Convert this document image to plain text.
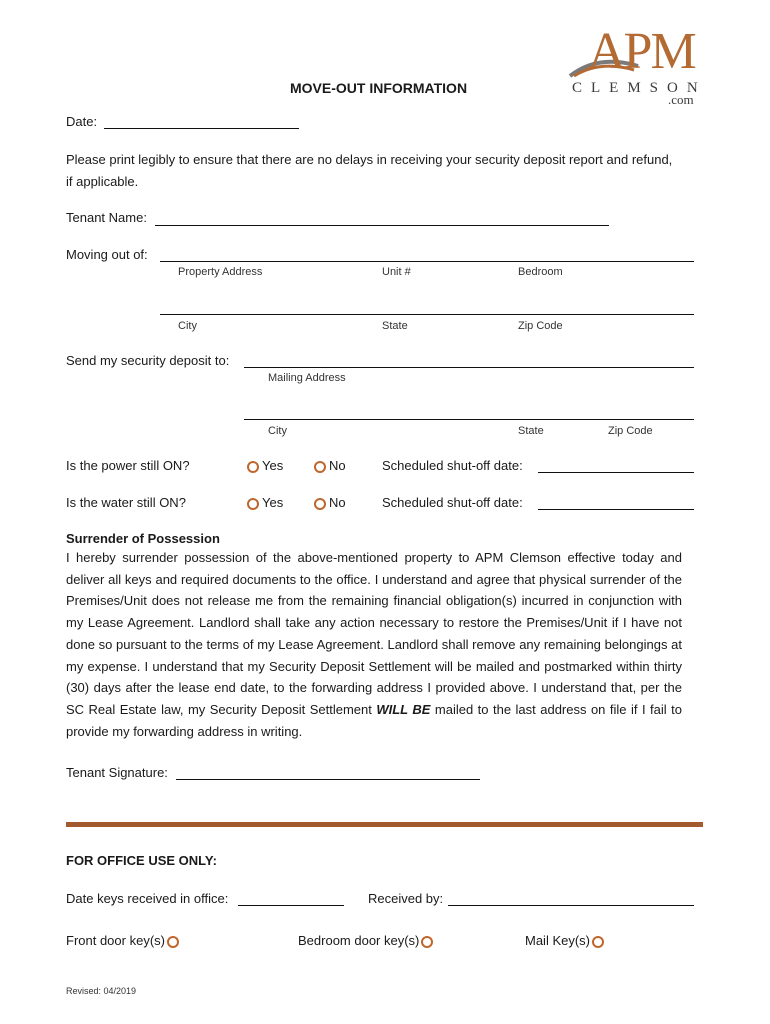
APM
CLEMSON
.com
MOVE-OUT INFORMATION
Date:
Please print legibly to ensure that there are no delays in receiving your security deposit report and refund, if applicable.
Tenant Name:
Moving out of:
Property Address	Unit #	Bedroom
City	State	Zip Code
Send my security deposit to:
Mailing Address
City	State	Zip Code
Is the power still ON?	Yes	No	Scheduled shut-off date:
Is the water still ON?	Yes	No	Scheduled shut-off date:
Surrender of Possession
I hereby surrender possession of the above-mentioned property to APM Clemson effective today and deliver all keys and required documents to the office. I understand and agree that physical surrender of the Premises/Unit does not release me from the remaining financial obligation(s) incurred in conjunction with my Lease Agreement. Landlord shall take any action necessary to restore the Premises/Unit if I have not done so pursuant to the terms of my Lease Agreement. Landlord shall remove any remaining belongings at my expense. I understand that my Security Deposit Settlement will be mailed and postmarked within thirty (30) days after the lease end date, to the forwarding address I provided above. I understand that, per the SC Real Estate law, my Security Deposit Settlement WILL BE mailed to the last address on file if I fail to provide my forwarding address in writing.
Tenant Signature:
FOR OFFICE USE ONLY:
Date keys received in office:	Received by:
Front door key(s)	Bedroom door key(s)	Mail Key(s)
Revised: 04/2019
